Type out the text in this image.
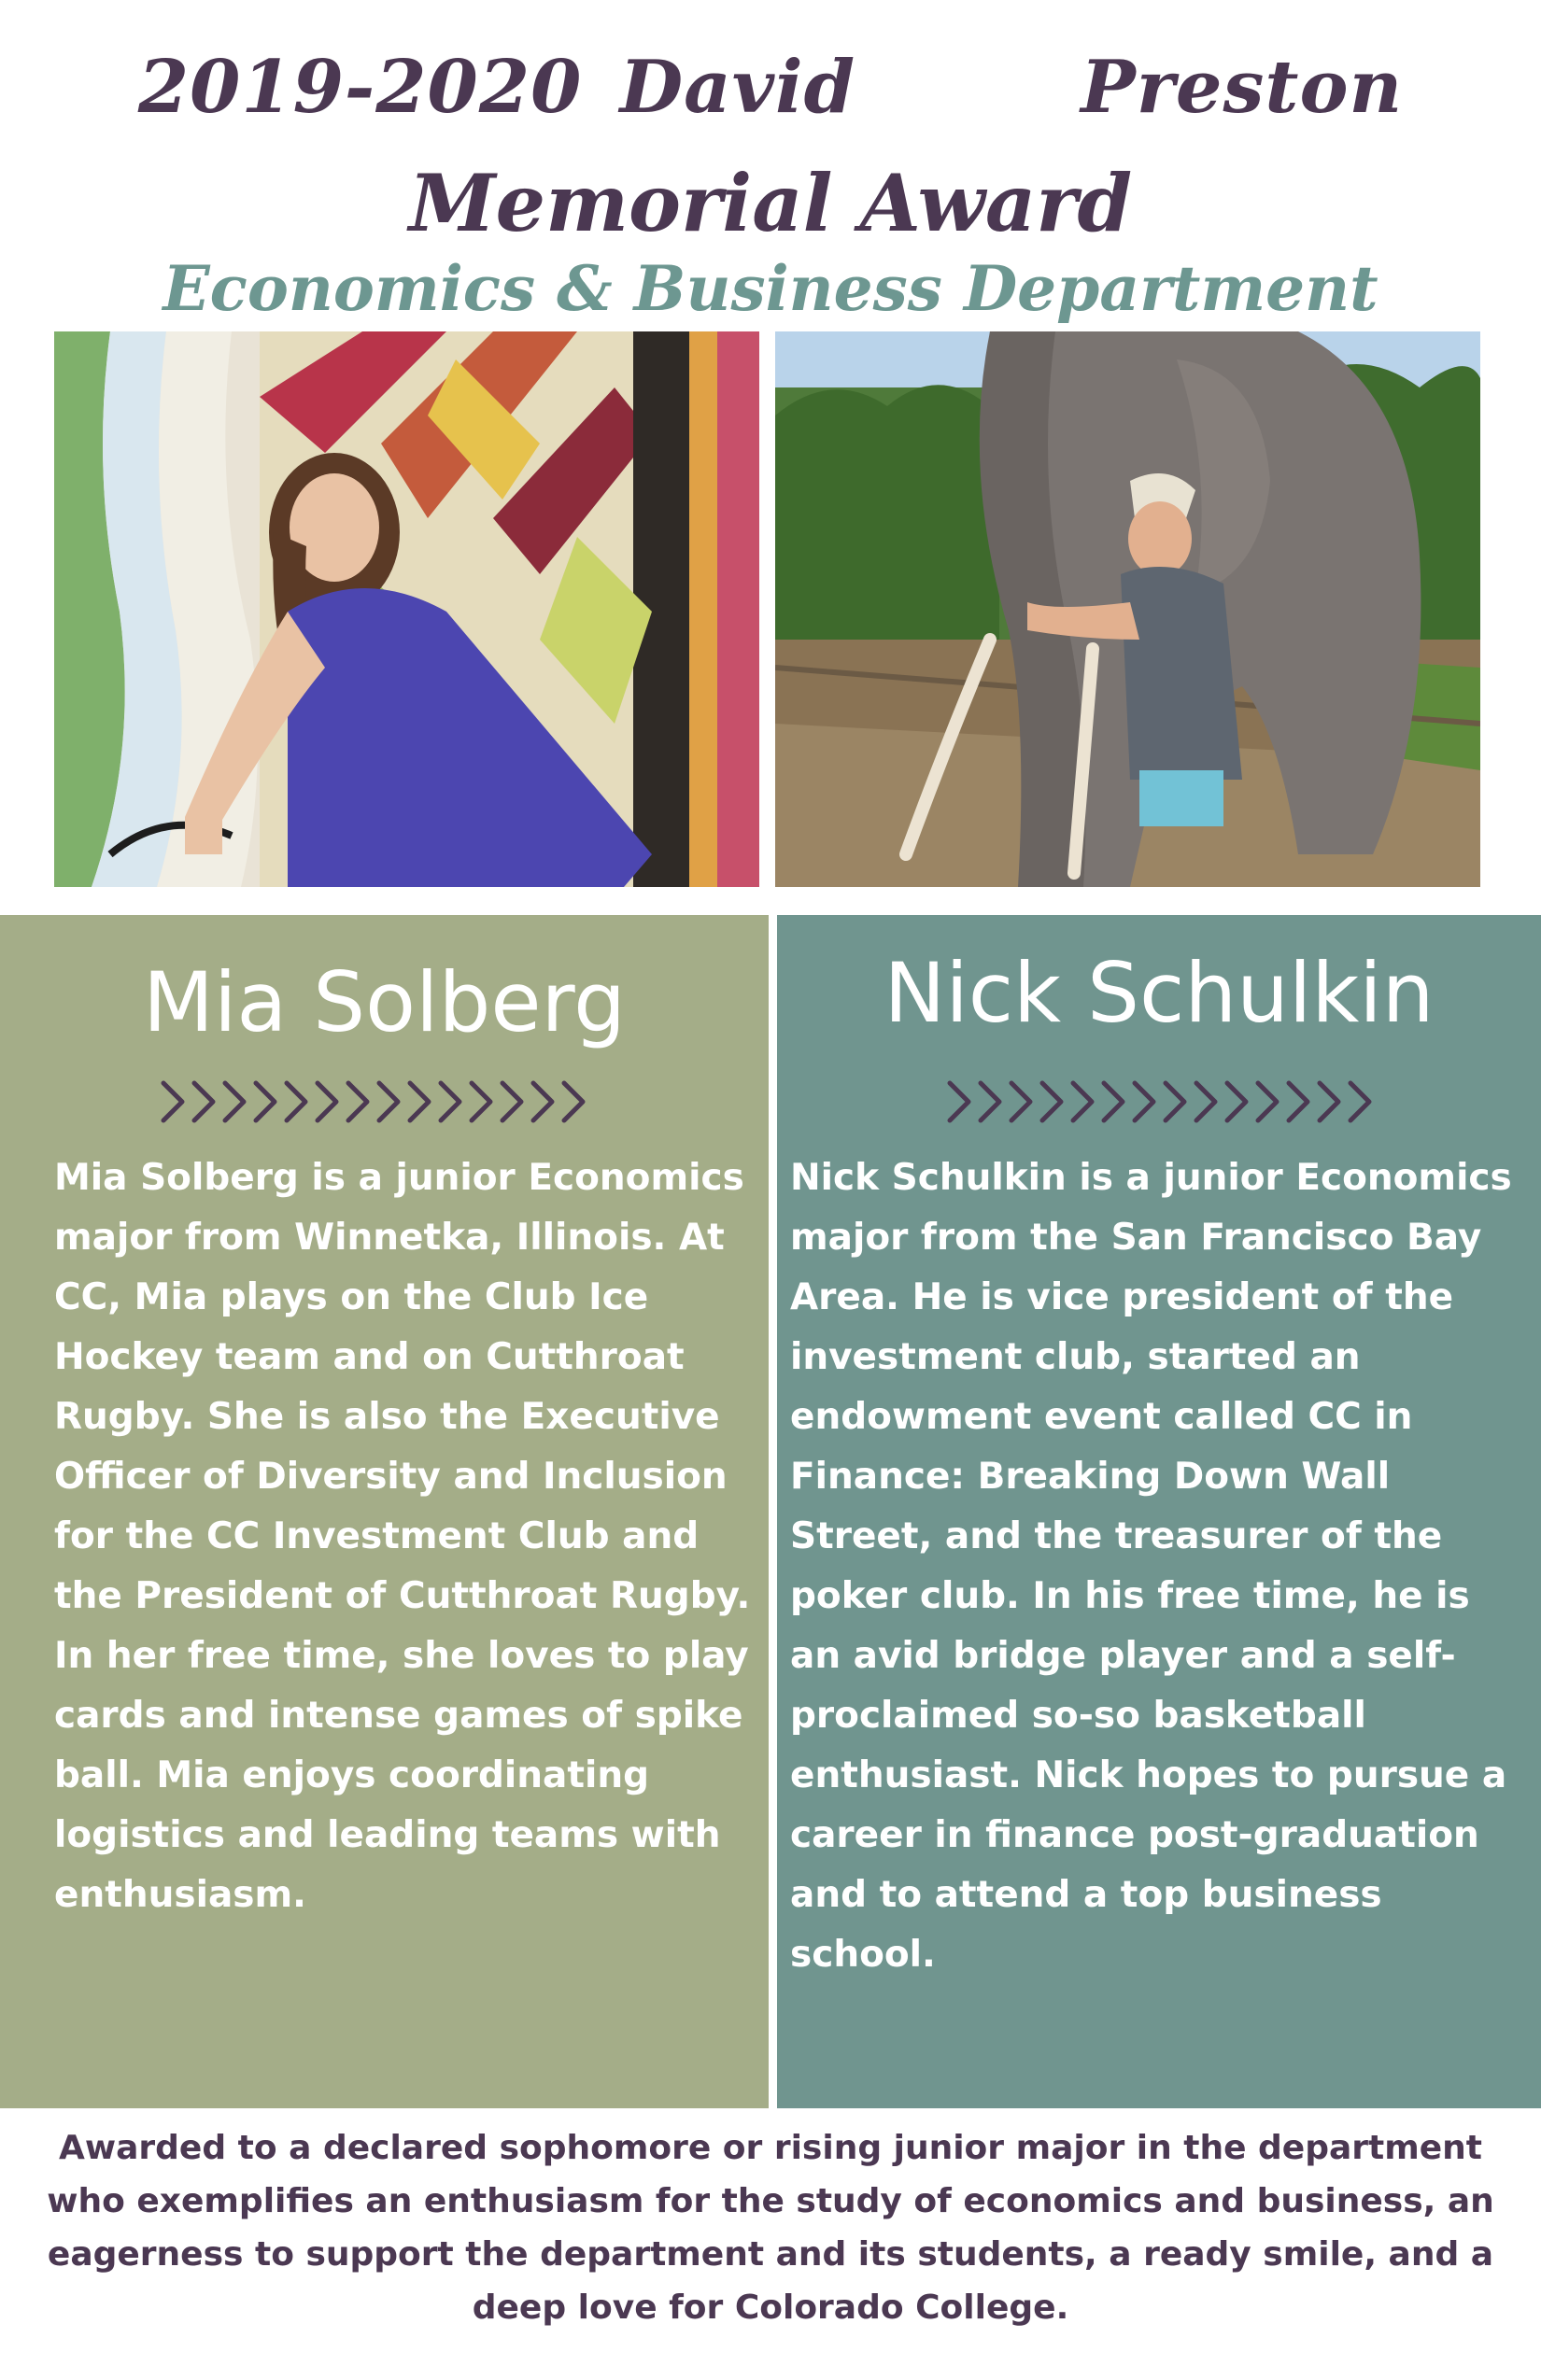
2019-2020 David      Preston
Memorial Award
Economics & Business Department
Mia Solberg

Mia Solberg is a junior Economics major from Winnetka, Illinois. At CC, Mia plays on the Club Ice Hockey team and on Cutthroat Rugby. She is also the Executive Officer of Diversity and Inclusion for the CC Investment Club and the President of Cutthroat Rugby. In her free time, she loves to play cards and intense games of spike ball. Mia enjoys coordinating logistics and leading teams with enthusiasm.

Nick Schulkin

Nick Schulkin is a junior Economics major from the San Francisco Bay Area. He is vice president of the investment club, started an endowment event called CC in Finance: Breaking Down Wall Street, and the treasurer of the poker club. In his free time, he is an avid bridge player and a self-proclaimed so-so basketball enthusiast. Nick hopes to pursue a career in finance post-graduation and to attend a top business school.

Awarded to a declared sophomore or rising junior major in the department who exemplifies an enthusiasm for the study of economics and business, an eagerness to support the department and its students, a ready smile, and a deep love for Colorado College.
